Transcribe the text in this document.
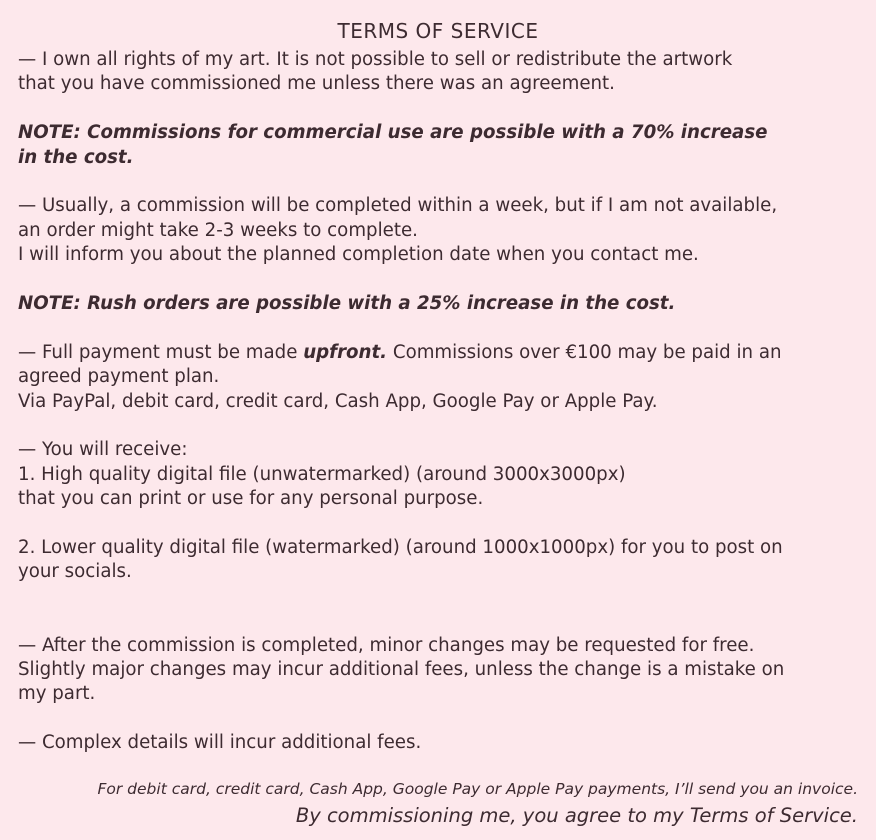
TERMS OF SERVICE

— I own all rights of my art. It is not possible to sell or redistribute the artwork

that you have commissioned me unless there was an agreement.

NOTE: Commissions for commercial use are possible with a 70% increase

in the cost.

— Usually, a commission will be completed within a week, but if I am not available,

an order might take 2-3 weeks to complete.

I will inform you about the planned completion date when you contact me.

NOTE: Rush orders are possible with a 25% increase in the cost.

— Full payment must be made upfront. Commissions over €100 may be paid in an

agreed payment plan.

Via PayPal, debit card, credit card, Cash App, Google Pay or Apple Pay.

— You will receive:

1. High quality digital file (unwatermarked) (around 3000x3000px)

that you can print or use for any personal purpose.

2. Lower quality digital file (watermarked) (around 1000x1000px) for you to post on

your socials.

— After the commission is completed, minor changes may be requested for free.

Slightly major changes may incur additional fees, unless the change is a mistake on

my part.

— Complex details will incur additional fees.

For debit card, credit card, Cash App, Google Pay or Apple Pay payments, I’ll send you an invoice.
By commissioning me, you agree to my Terms of Service.
